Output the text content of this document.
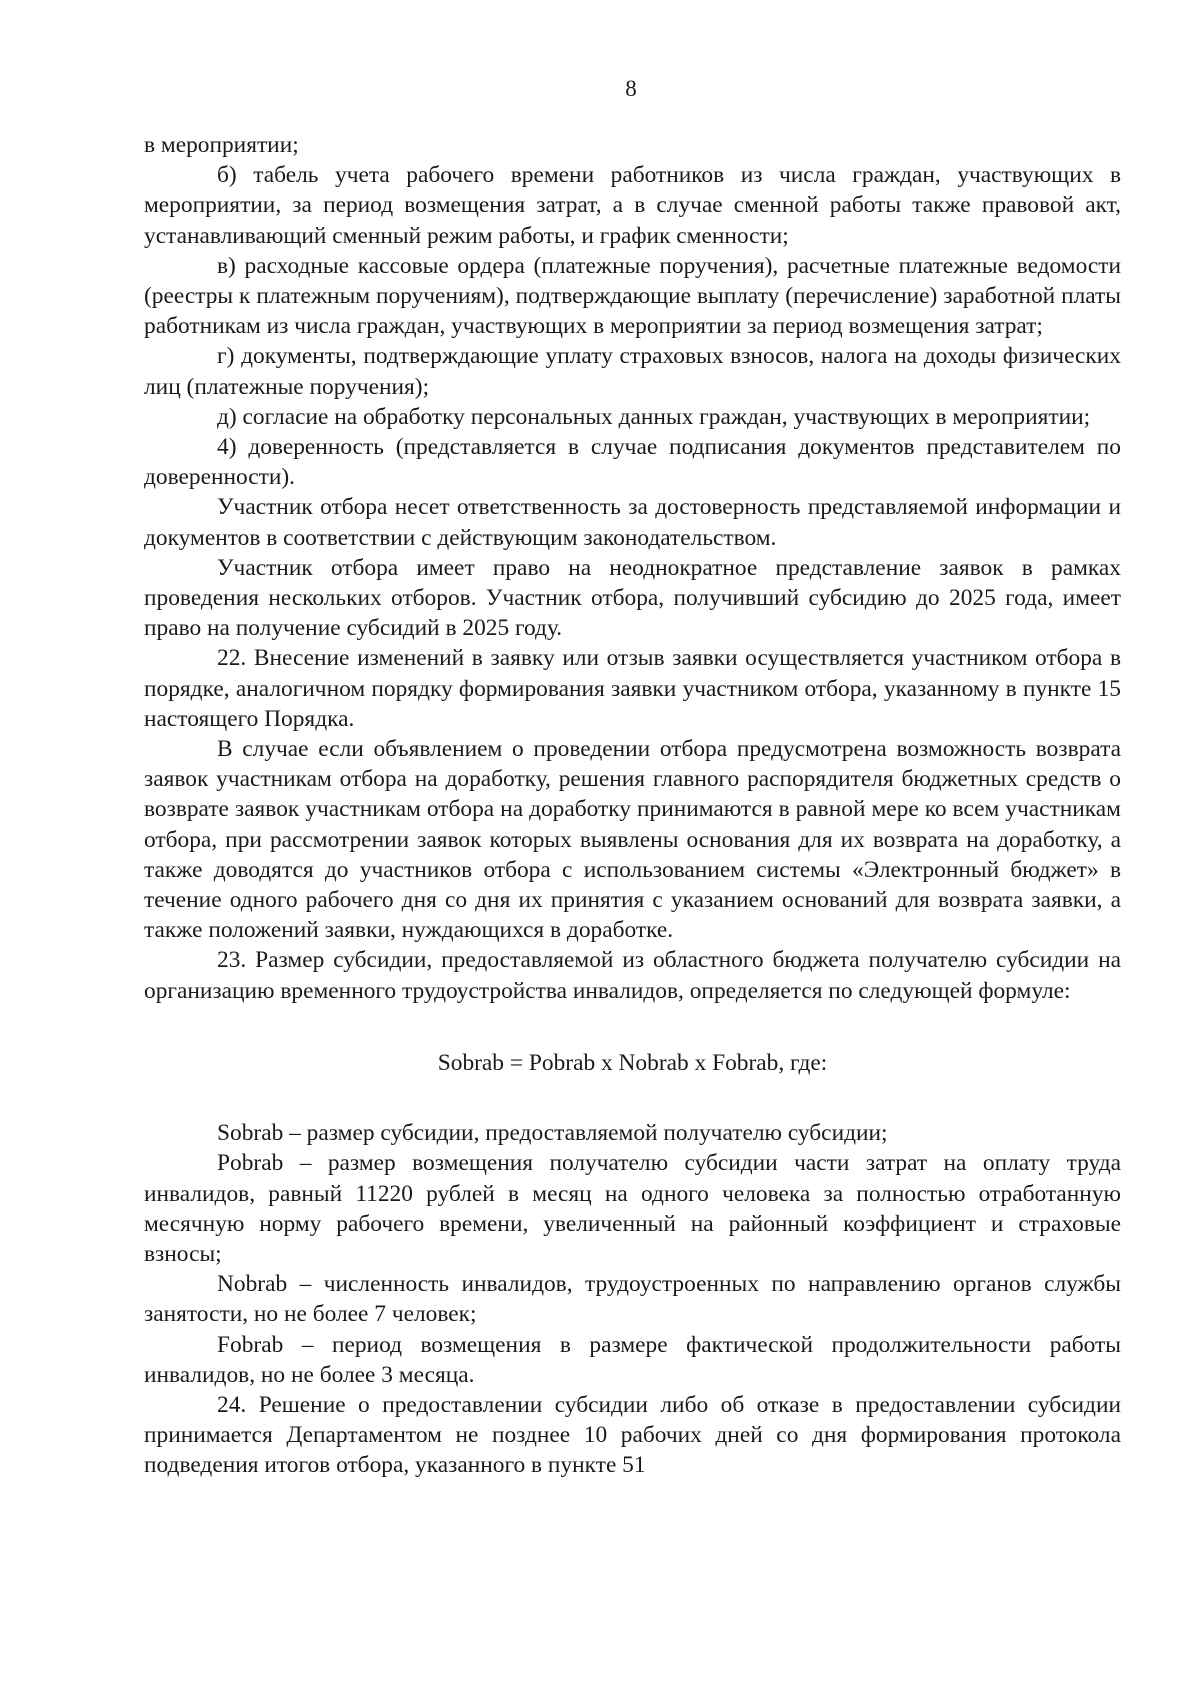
8

в мероприятии;

б) табель учета рабочего времени работников из числа граждан, участвующих в мероприятии, за период возмещения затрат, а в случае сменной работы также правовой акт, устанавливающий сменный режим работы, и график сменности;

в) расходные кассовые ордера (платежные поручения), расчетные платежные ведомости (реестры к платежным поручениям), подтверждающие выплату (перечисление) заработной платы работникам из числа граждан, участвующих в мероприятии за период возмещения затрат;

г) документы, подтверждающие уплату страховых взносов, налога на доходы физических лиц (платежные поручения);

д) согласие на обработку персональных данных граждан, участвующих в мероприятии;

4) доверенность (представляется в случае подписания документов представителем по доверенности).

Участник отбора несет ответственность за достоверность представляемой информации и документов в соответствии с действующим законодательством.

Участник отбора имеет право на неоднократное представление заявок в рамках проведения нескольких отборов. Участник отбора, получивший субсидию до 2025 года, имеет право на получение субсидий в 2025 году.

22. Внесение изменений в заявку или отзыв заявки осуществляется участником отбора в порядке, аналогичном порядку формирования заявки участником отбора, указанному в пункте 15 настоящего Порядка.

В случае если объявлением о проведении отбора предусмотрена возможность возврата заявок участникам отбора на доработку, решения главного распорядителя бюджетных средств о возврате заявок участникам отбора на доработку принимаются в равной мере ко всем участникам отбора, при рассмотрении заявок которых выявлены основания для их возврата на доработку, а также доводятся до участников отбора с использованием системы «Электронный бюджет» в течение одного рабочего дня со дня их принятия с указанием оснований для возврата заявки, а также положений заявки, нуждающихся в доработке.

23. Размер субсидии, предоставляемой из областного бюджета получателю субсидии на организацию временного трудоустройства инвалидов, определяется по следующей формуле:

Sobrab = Pobrab x Nobrab x Fobrab, где:

Sobrab – размер субсидии, предоставляемой получателю субсидии;

Pobrab – размер возмещения получателю субсидии части затрат на оплату труда инвалидов, равный 11220 рублей в месяц на одного человека за полностью отработанную месячную норму рабочего времени, увеличенный на районный коэффициент и страховые взносы;

Nobrab – численность инвалидов, трудоустроенных по направлению органов службы занятости, но не более 7 человек;

Fobrab – период возмещения в размере фактической продолжительности работы инвалидов, но не более 3 месяца.

24. Решение о предоставлении субсидии либо об отказе в предоставлении субсидии принимается Департаментом не позднее 10 рабочих дней со дня формирования протокола подведения итогов отбора, указанного в пункте 51
